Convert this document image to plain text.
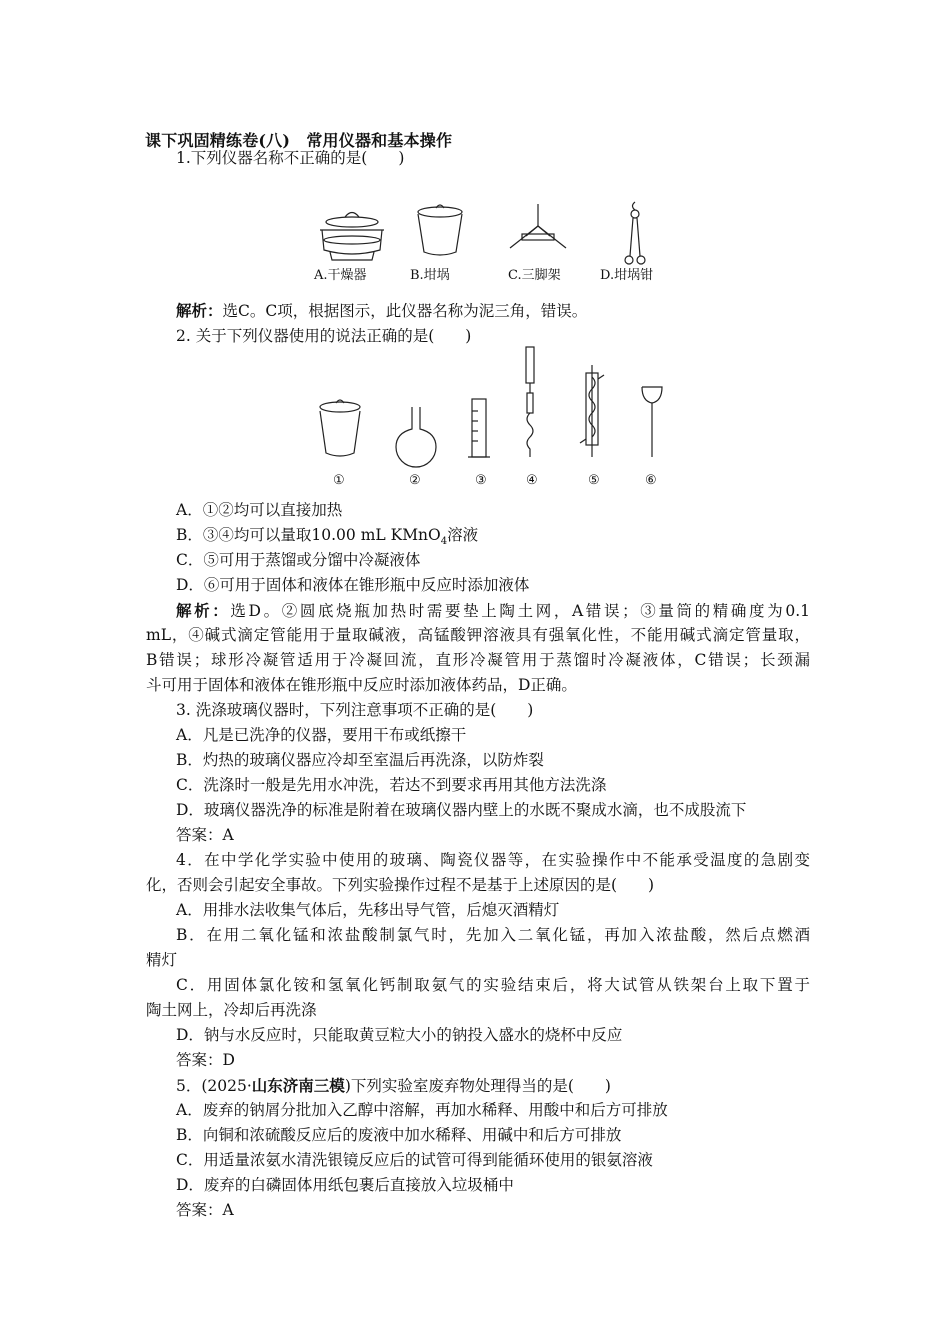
课下巩固精练卷(八)　常用仪器和基本操作
1.下列仪器名称不正确的是(　　)
A.干燥器	B.坩埚	C.三脚架	D.坩埚钳
解析：选C。C项，根据图示，此仪器名称为泥三角，错误。
2. 关于下列仪器使用的说法正确的是(　　)
①	②	③	④	⑤	⑥
A．①②均可以直接加热
B．③④均可以量取10.00 mL KMnO$_4$溶液
C．⑤可用于蒸馏或分馏中冷凝液体
D．⑥可用于固体和液体在锥形瓶中反应时添加液体
解析：选D。②圆底烧瓶加热时需要垫上陶土网，A错误；③量筒的精确度为0.1
mL，④碱式滴定管能用于量取碱液，高锰酸钾溶液具有强氧化性，不能用碱式滴定管量取，
B错误；球形冷凝管适用于冷凝回流，直形冷凝管用于蒸馏时冷凝液体，C错误；长颈漏
斗可用于固体和液体在锥形瓶中反应时添加液体药品，D正确。
3. 洗涤玻璃仪器时，下列注意事项不正确的是(　　)
A．凡是已洗净的仪器，要用干布或纸擦干
B．灼热的玻璃仪器应冷却至室温后再洗涤，以防炸裂
C．洗涤时一般是先用水冲洗，若达不到要求再用其他方法洗涤
D．玻璃仪器洗净的标准是附着在玻璃仪器内壁上的水既不聚成水滴，也不成股流下
答案：A
4．在中学化学实验中使用的玻璃、陶瓷仪器等，在实验操作中不能承受温度的急剧变
化，否则会引起安全事故。下列实验操作过程不是基于上述原因的是(　　)
A．用排水法收集气体后，先移出导气管，后熄灭酒精灯
B．在用二氧化锰和浓盐酸制氯气时，先加入二氧化锰，再加入浓盐酸，然后点燃酒
精灯
C．用固体氯化铵和氢氧化钙制取氨气的实验结束后，将大试管从铁架台上取下置于
陶土网上，冷却后再洗涤
D．钠与水反应时，只能取黄豆粒大小的钠投入盛水的烧杯中反应
答案：D
5．(2025·山东济南三模)下列实验室废弃物处理得当的是(　　)
A．废弃的钠屑分批加入乙醇中溶解，再加水稀释、用酸中和后方可排放
B．向铜和浓硫酸反应后的废液中加水稀释、用碱中和后方可排放
C．用适量浓氨水清洗银镜反应后的试管可得到能循环使用的银氨溶液
D．废弃的白磷固体用纸包裹后直接放入垃圾桶中
答案：A
